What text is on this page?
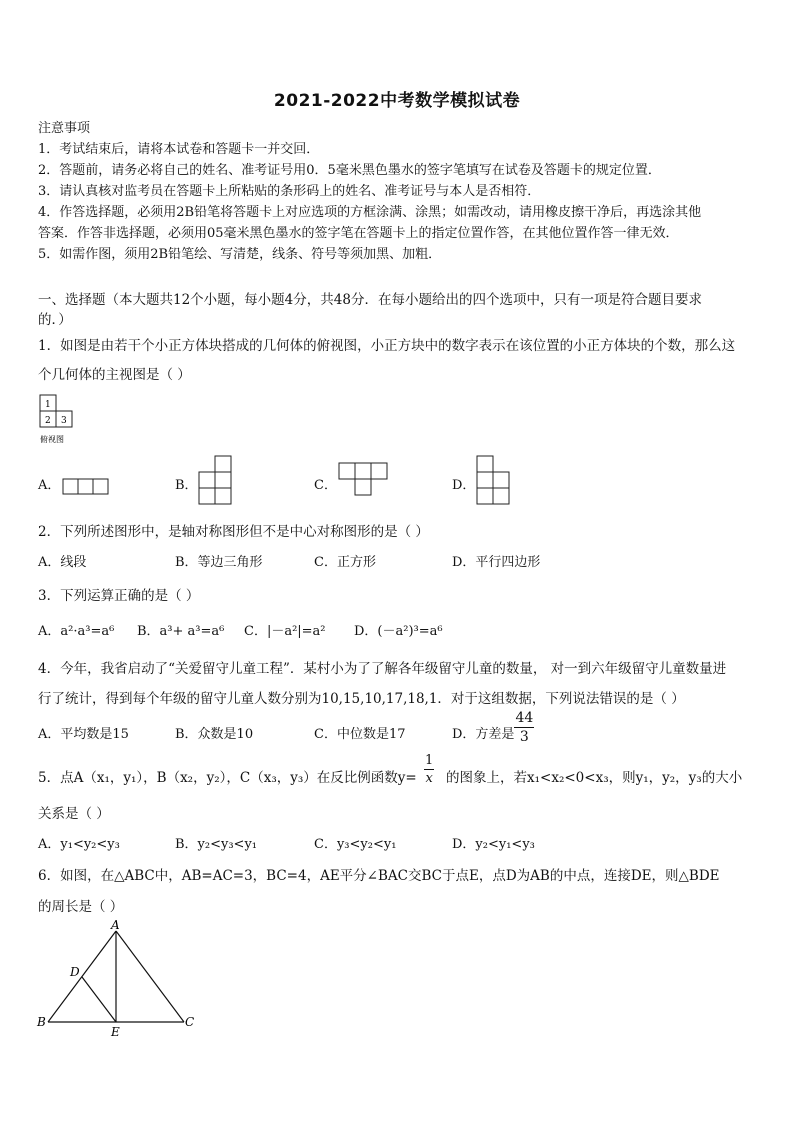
2021-2022中考数学模拟试卷
注意事项
1．考试结束后，请将本试卷和答题卡一并交回．
2．答题前，请务必将自己的姓名、准考证号用0．5毫米黑色墨水的签字笔填写在试卷及答题卡的规定位置．
3．请认真核对监考员在答题卡上所粘贴的条形码上的姓名、准考证号与本人是否相符．
4．作答选择题，必须用2B铅笔将答题卡上对应选项的方框涂满、涂黑；如需改动，请用橡皮擦干净后，再选涂其他
答案．作答非选择题，必须用05毫米黑色墨水的签字笔在答题卡上的指定位置作答，在其他位置作答一律无效．
5．如需作图，须用2B铅笔绘、写清楚，线条、符号等须加黑、加粗．
一、选择题（本大题共12个小题，每小题4分，共48分．在每小题给出的四个选项中，只有一项是符合题目要求
的．）
1．如图是由若干个小正方体块搭成的几何体的俯视图，小正方块中的数字表示在该位置的小正方体块的个数，那么这
个几何体的主视图是（ ）
1
2 3
俯视图
A．	B．	C．	D．
2．下列所述图形中，是轴对称图形但不是中心对称图形的是（ ）
A．线段	B．等边三角形	C．正方形	D．平行四边形
3．下列运算正确的是（ ）
A．a²·a³=a⁶ B．a³+ a³=a⁶ C．|－a²|=a² D．(－a²)³=a⁶
4．今年，我省启动了“关爱留守儿童工程”．某村小为了了解各年级留守儿童的数量， 对一到六年级留守儿童数量进
行了统计，得到每个年级的留守儿童人数分别为10,15,10,17,18,1．对于这组数据，下列说法错误的是（ ）
A．平均数是15	B．众数是10	C．中位数是17	D．方差是 $\frac{44}{3}$
5．点A（x₁，y₁），B（x₂，y₂），C（x₃，y₃）在反比例函数$y= \frac{1}{x}$ 的图象上，若x₁<x₂<0<x₃，则y₁，y₂，y₃的大小
关系是（ ）
A．y₁<y₂<y₃	B．y₂<y₃<y₁	C．y₃<y₂<y₁	D．y₂<y₁<y₃
6．如图，在△ABC中，AB=AC=3，BC=4，AE平分∠BAC交BC于点E，点D为AB的中点，连接DE，则△BDE
的周长是（ ）
A
B	C
D
E
